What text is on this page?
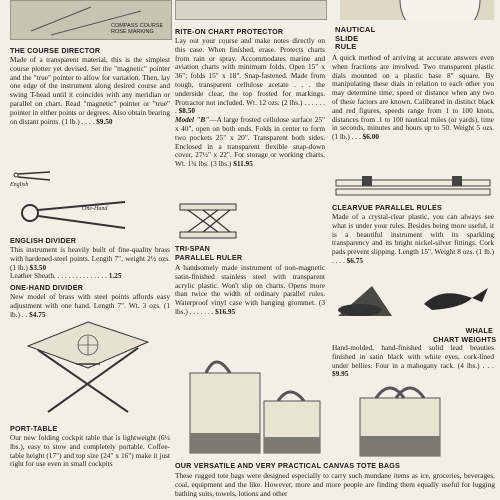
COMPASS COURSE
ROSE MARKING
THE COURSE DIRECTOR
Made of a transparent material, this is the simplest course plotter yet devised. Set the "magnetic" pointer and the "true" pointer to allow for variation. Then, lay one edge of the instrument along desired course and swing T-head until it coincides with any meridian or parallel on chart. Read "magnetic" pointer or "true" pointer in either points or degrees. Also obtain bearing on distant points. (1 lb.) . . . . $9.50
English
One-Hand
ENGLISH DIVIDER
This instrument is heavily built of fine-quality brass with hardened-steel points. Length 7", weight 2½ ozs. (1 lb.) $3.50
Leather Sheath. . . . . . . . . . . . . . . 1.25
ONE-HAND DIVIDER
New model of brass with steel points affords easy adjustment with one hand. Length 7". Wt. 3 ozs. (1 lb.) . . $4.75
PORT-TABLE
Our new folding cockpit table that is lightweight (6¼ lbs.), easy to stow and completely portable. Coffee-table height (17") and top size (24" x 16") make it just right for use even in small cockpits
RITE-ON CHART PROTECTOR
Lay out your course and make notes directly on this case. When finished, erase. Protects charts from rain or spray. Accommodates marine and aviation charts with minimum folds, Open 15" x 36"; folds 15" x 18". Snap-fastened. Made from tough, transparent cellulose acetate . . . the underside clear, the top frosted for markings. Protractor not included. Wt. 12 ozs. (2 lbs.) . . . . . . . $8.50
Model "B"—A large frosted cellulose surface 25" x 40", open on both ends. Folds in center to form two pockets 25" x 20". Transparent both sides. Enclosed in a transparent flexible snap-down cover, 27½" x 22". For storage or working charts. Wt. 1¾ lbs. (3 lbs.) $11.95
TRI-SPAN
PARALLEL RULER
A handsomely made instrument of non-magnetic satin-finished stainless steel with transparent acrylic plastic. Won't slip on charts. Opens more than twice the width of ordinary parallel rules. Waterproof vinyl case with hanging grommet. (3 lbs.) . . . . . . . $16.95
OUR VERSATILE AND VERY PRACTICAL CANVAS TOTE BAGS
These rugged tote bags were designed especially to carry such mundane items as ice, groceries, beverages, coal, equipment and the like. However, more and more people are finding them equally useful for lugging bathing suits, towels, lotions and other
NAUTICAL
SLIDE
RULE
A quick method of arriving at accurate answers even when fractions are involved. Two transparent plastic dials mounted on a plastic base 8" square. By manipulating these dials in relation to each other you may determine time, speed or distance when any two of these factors are known. Calibrated in distinct black and red figures, speeds range from 1 to 100 knots, distances from .1 to 100 nautical miles (or yards), time in seconds, minutes and hours up to 50. Weight 5 ozs. (1 lb.) . . . $6.00
CLEARVUE PARALLEL RULES
Made of a crystal-clear plastic, you can always see what is under your rules. Besides being more useful, it is a beautiful instrument with its sparkling transparency and its bright nickel-silver fittings. Cork pads prevent slipping. Length 15". Weight 8 ozs. (1 lb.) . . . . $6.75
WHALE
CHART WEIGHTS
Hand-molded, hand-finished solid lead beauties finished in satin black with white eyes, cork-lined under bellies. Four in a mahogany rack. (4 lbs.) . . . $9.95
